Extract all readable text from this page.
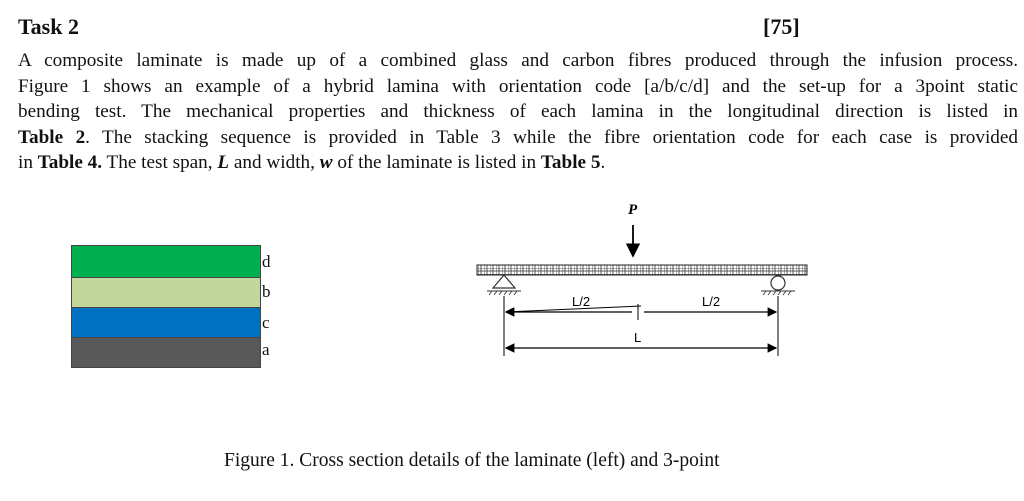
Task 2	[75]
A composite laminate is made up of a combined glass and carbon fibres produced through the infusion process.
Figure 1 shows an example of a hybrid lamina with orientation code [a/b/c/d] and the set-up for a 3point static
bending test. The mechanical properties and thickness of each lamina in the longitudinal direction is listed in
Table 2. The stacking sequence is provided in Table 3 while the fibre orientation code for each case is provided
in Table 4. The test span, L and width, w of the laminate is listed in Table 5.
d
b
c
a
P
L/2	L/2
L
Figure 1. Cross section details of the laminate (left) and 3-point
